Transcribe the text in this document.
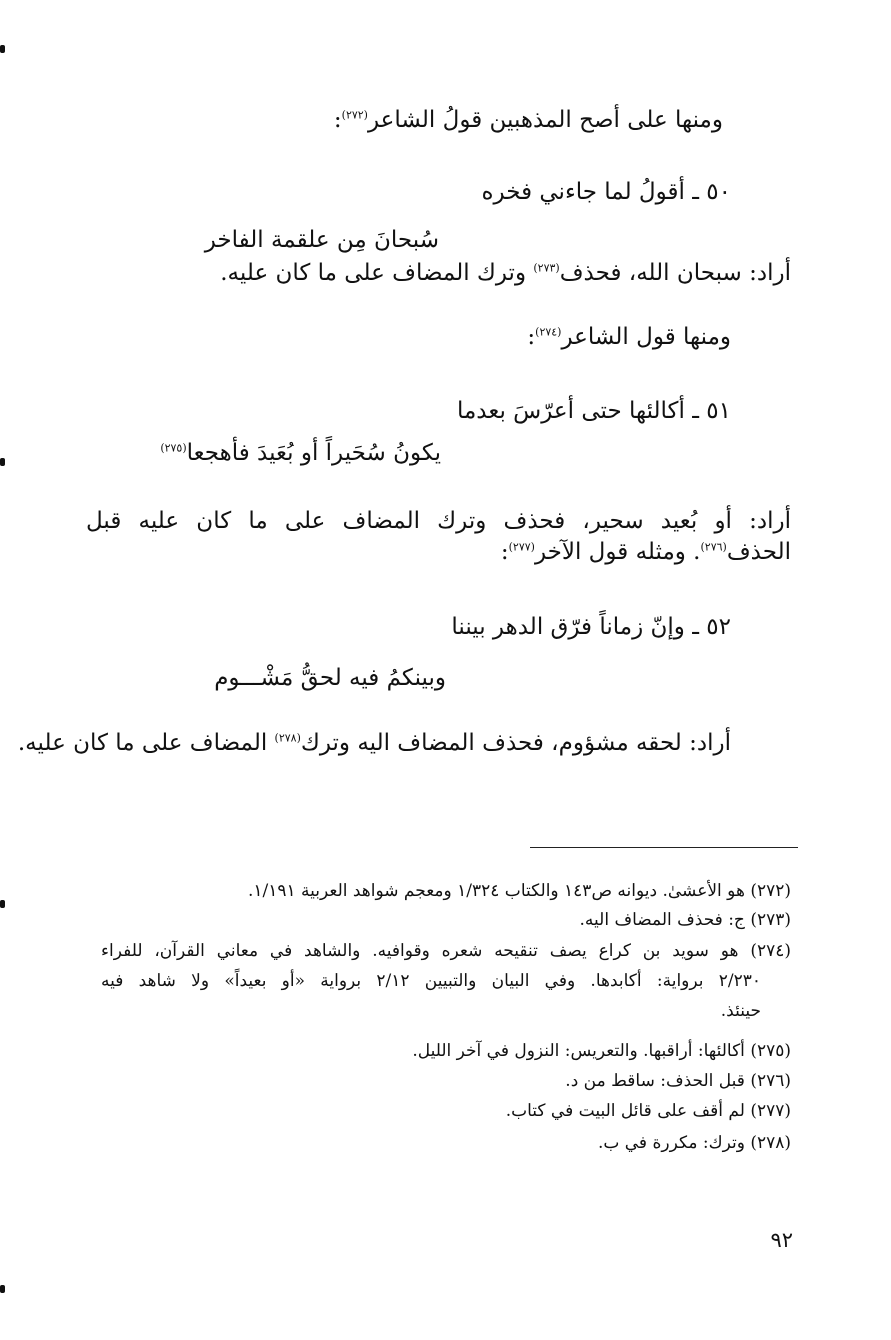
ومنها على أصح المذهبين قولُ الشاعر$^{(٢٧٢)}$:
٥٠ ـ أقولُ لما جاءني فخره
سُبحانَ مِن علقمة الفاخر
أراد: سبحان الله، فحذف$^{(٢٧٣)}$ وترك المضاف على ما كان عليه.
ومنها قول الشاعر$^{(٢٧٤)}$:
٥١ ـ أكالئها حتى أعرّسَ بعدما
يكونُ سُحَيراً أو بُعَيدَ فأهجعا$^{(٢٧٥)}$
أراد: أو بُعيد سحير، فحذف وترك المضاف على ما كان عليه قبل
الحذف$^{(٢٧٦)}$. ومثله قول الآخر$^{(٢٧٧)}$:
٥٢ ـ وإنّ زماناً فرّق الدهر بيننا
وبينكمُ فيه لحقُّ مَشْـــوم
أراد: لحقه مشؤوم، فحذف المضاف اليه وترك$^{(٢٧٨)}$ المضاف على ما كان عليه.
(٢٧٢) هو الأعشىٰ. ديوانه ص١٤٣ والكتاب ١/٣٢٤ ومعجم شواهد العربية ١/١٩١.
(٢٧٣) ج: فحذف المضاف اليه.
(٢٧٤) هو سويد بن كراع يصف تنقيحه شعره وقوافيه. والشاهد في معاني القرآن، للفراء
٢/٢٣٠ برواية: أكابدها. وفي البيان والتبيين ٢/١٢ برواية «أو بعيداً» ولا شاهد فيه
حينئذ.
(٢٧٥) أكالئها: أراقبها. والتعريس: النزول في آخر الليل.
(٢٧٦) قبل الحذف: ساقط من د.
(٢٧٧) لم أقف على قائل البيت في كتاب.
(٢٧٨) وترك: مكررة في ب.
٩٢
